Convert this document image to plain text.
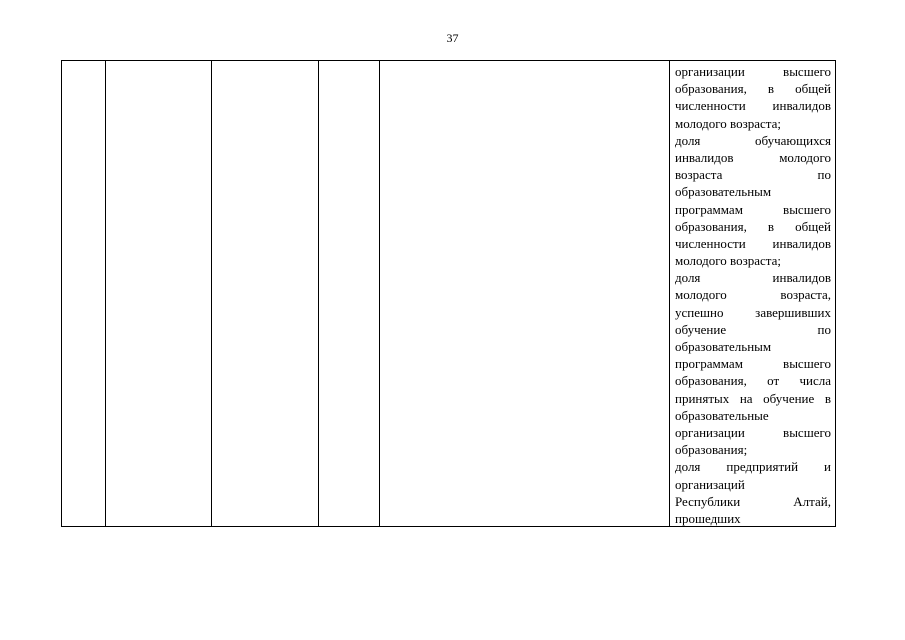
37
организации высшего
образования, в общей
численности инвалидов
молодого возраста;
доля обучающихся
инвалидов молодого
возраста по
образовательным
программам высшего
образования, в общей
численности инвалидов
молодого возраста;
доля инвалидов
молодого возраста,
успешно завершивших
обучение по
образовательным
программам высшего
образования, от числа
принятых на обучение в
образовательные
организации высшего
образования;
доля предприятий и
организаций
Республики Алтай,
прошедших
